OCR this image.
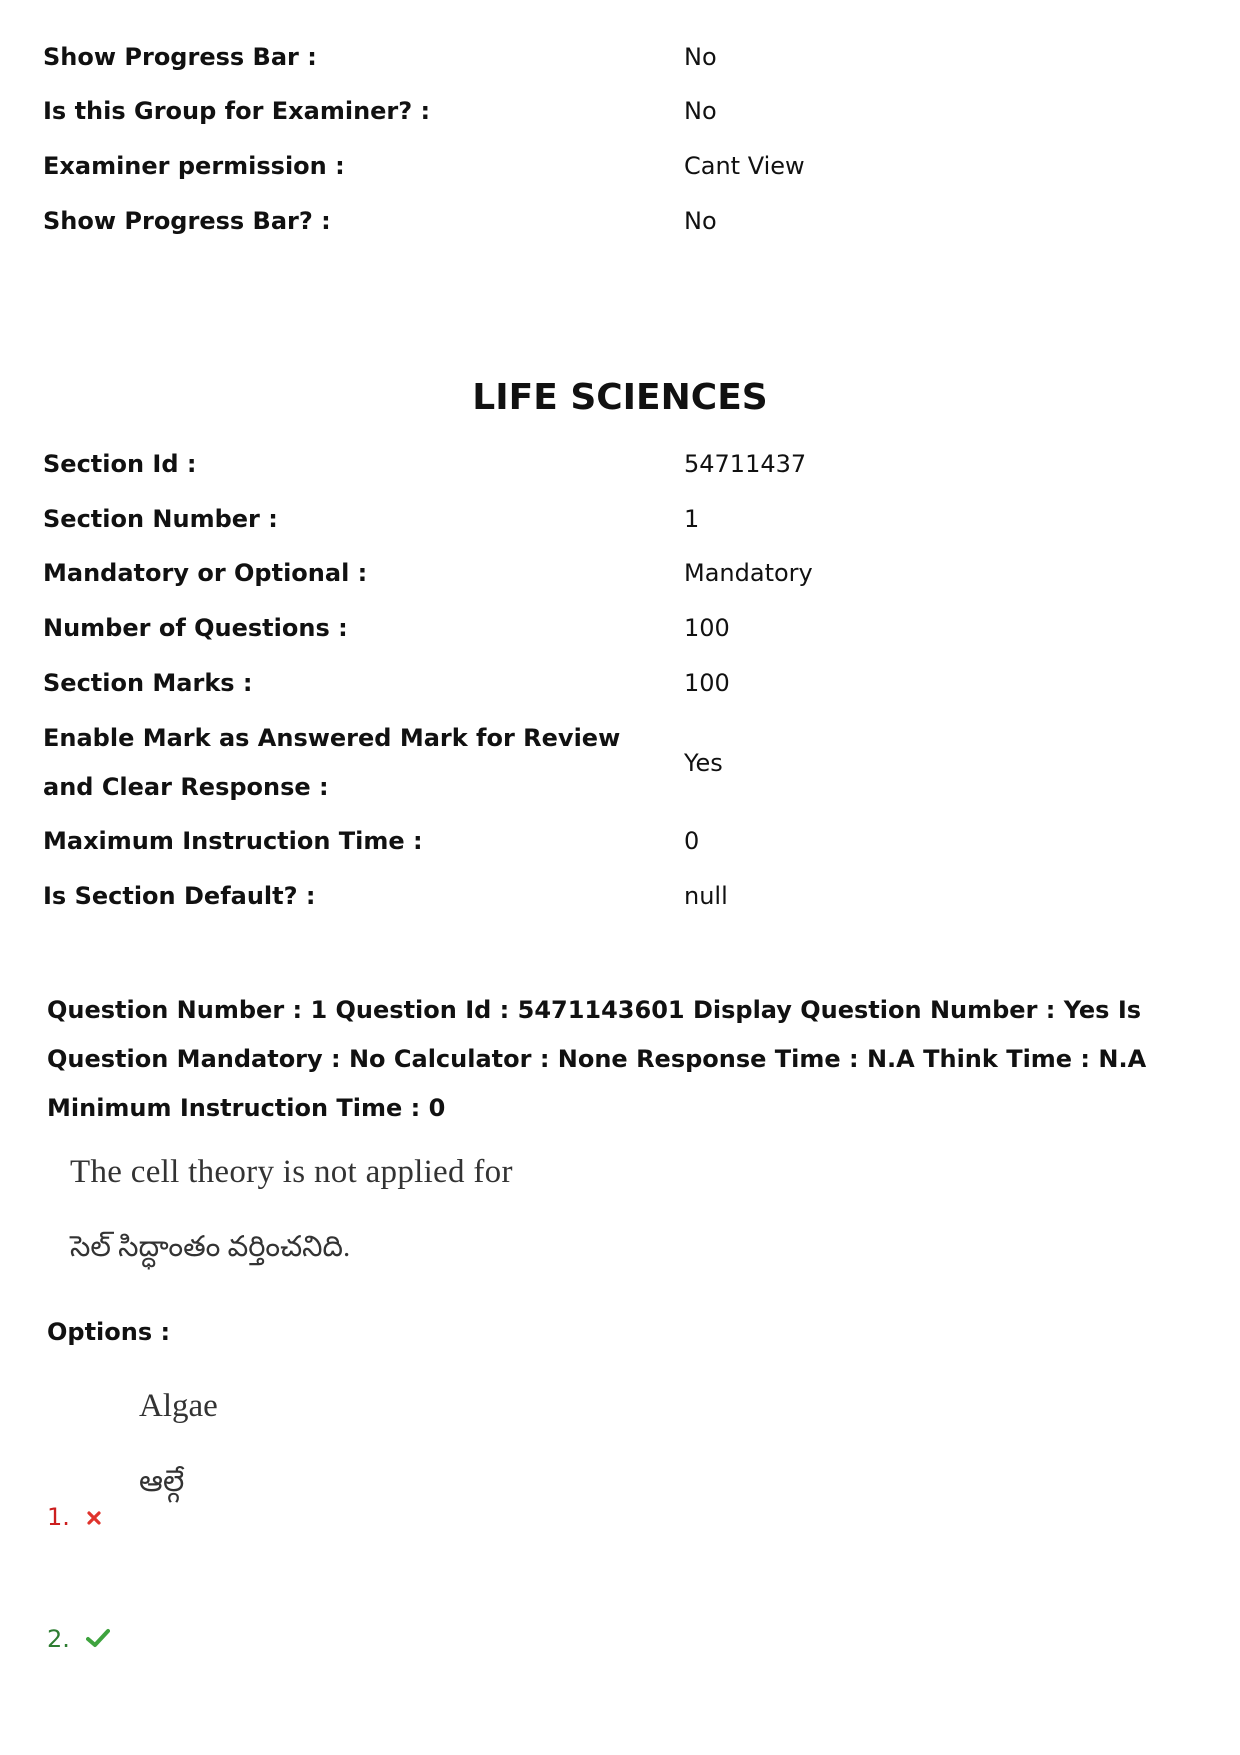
Show Progress Bar :	No
Is this Group for Examiner? :	No
Examiner permission :	Cant View
Show Progress Bar? :	No
LIFE SCIENCES
Section Id :	54711437
Section Number :	1
Mandatory or Optional :	Mandatory
Number of Questions :	100
Section Marks :	100
Enable Mark as Answered Mark for Review and Clear Response :
Yes
Maximum Instruction Time :	0
Is Section Default? :	null
Question Number : 1 Question Id : 5471143601 Display Question Number : Yes Is Question Mandatory : No Calculator : None Response Time : N.A Think Time : N.A Minimum Instruction Time : 0
The cell theory is not applied for
సెల్ సిద్ధాంతం వర్తించనిది.
Options :
Algae
ఆల్గే
1.
2.
